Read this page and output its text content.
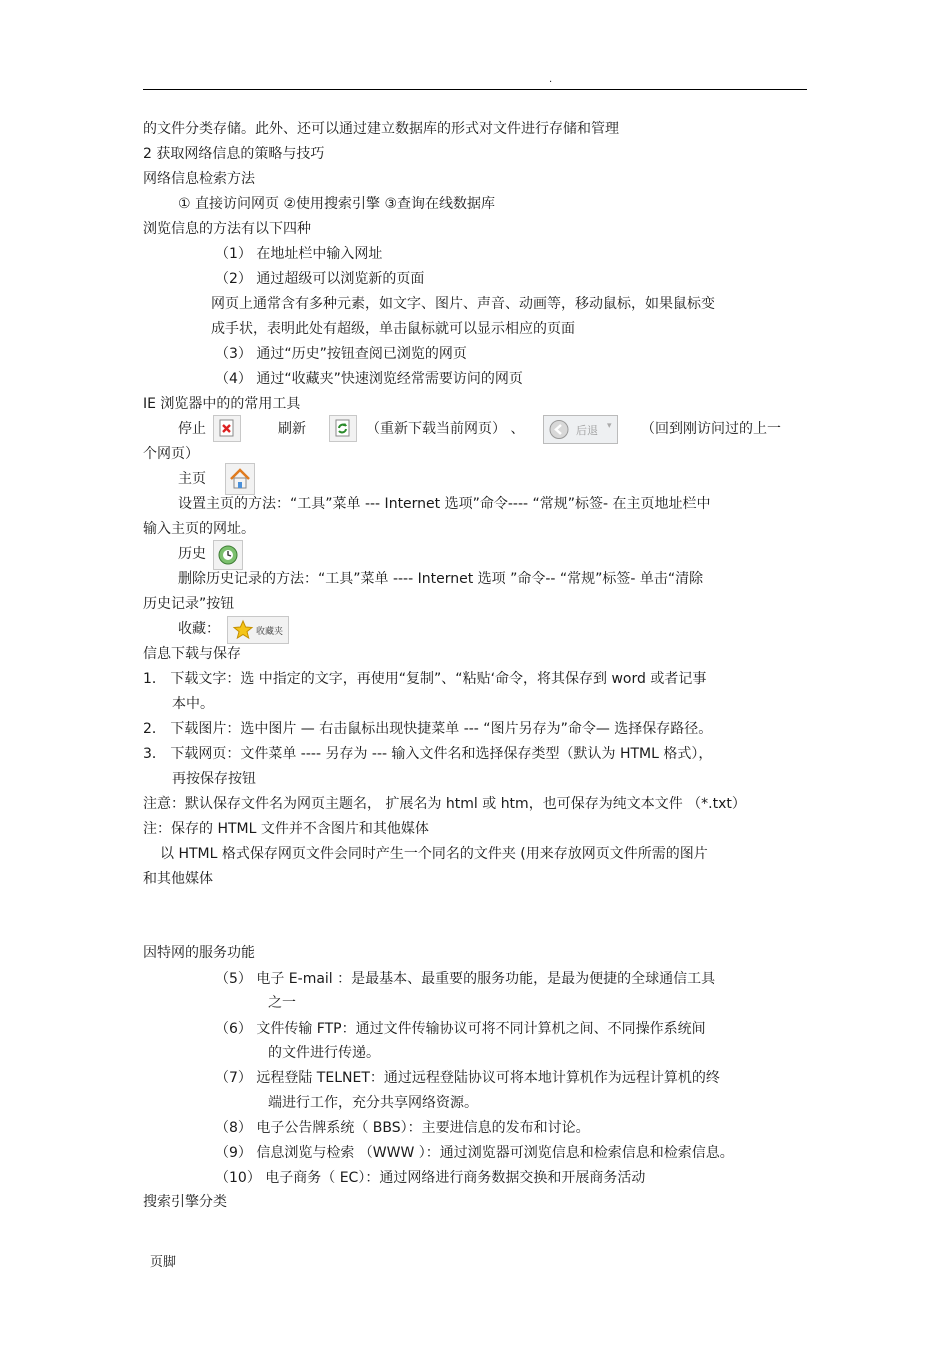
.
的文件分类存储。此外、还可以通过建立数据库的形式对文件进行存储和管理
2 获取网络信息的策略与技巧
网络信息检索方法
① 直接访问网页 ②使用搜索引擎 ③查询在线数据库
浏览信息的方法有以下四种
（1） 在地址栏中输入网址
（2） 通过超级可以浏览新的页面
网页上通常含有多种元素，如文字、图片、声音、动画等，移动鼠标，如果鼠标变
成手状，表明此处有超级，单击鼠标就可以显示相应的页面
（3） 通过“历史”按钮查阅已浏览的网页
（4） 通过“收藏夹”快速浏览经常需要访问的网页
IE 浏览器中的的常用工具
停止	刷新	（重新下载当前网页） 、	后退 ▾ （回到刚访问过的上一
个网页）
主页
设置主页的方法：“工具”菜单 --- Internet 选项”命令---- “常规”标签- 在主页地址栏中
输入主页的网址。
历史
删除历史记录的方法：“工具”菜单 ---- Internet 选项 ”命令-- “常规”标签- 单击“清除
历史记录”按钮
收藏：	收藏夹
信息下载与保存
1． 下载文字：选 中指定的文字，再使用“复制”、“粘贴‘命令，将其保存到 word 或者记事
本中。
2． 下载图片：选中图片 — 右击鼠标出现快捷菜单 --- “图片另存为”命令— 选择保存路径。
3． 下载网页：文件菜单 ---- 另存为 --- 输入文件名和选择保存类型（默认为 HTML 格式），
再按保存按钮
注意：默认保存文件名为网页主题名， 扩展名为 html 或 htm，也可保存为纯文本文件 （*.txt）
注：保存的 HTML 文件并不含图片和其他媒体
以 HTML 格式保存网页文件会同时产生一个同名的文件夹 (用来存放网页文件所需的图片
和其他媒体
因特网的服务功能
（5） 电子 E-mail ：是最基本、最重要的服务功能，是最为便捷的全球通信工具
之一
（6） 文件传输 FTP：通过文件传输协议可将不同计算机之间、不同操作系统间
的文件进行传递。
（7） 远程登陆 TELNET：通过远程登陆协议可将本地计算机作为远程计算机的终
端进行工作，充分共享网络资源。
（8） 电子公告牌系统（ BBS）：主要进信息的发布和讨论。
（9） 信息浏览与检索 （WWW ）：通过浏览器可浏览信息和检索信息和检索信息。
（10） 电子商务（ EC）：通过网络进行商务数据交换和开展商务活动
搜索引擎分类
页脚
